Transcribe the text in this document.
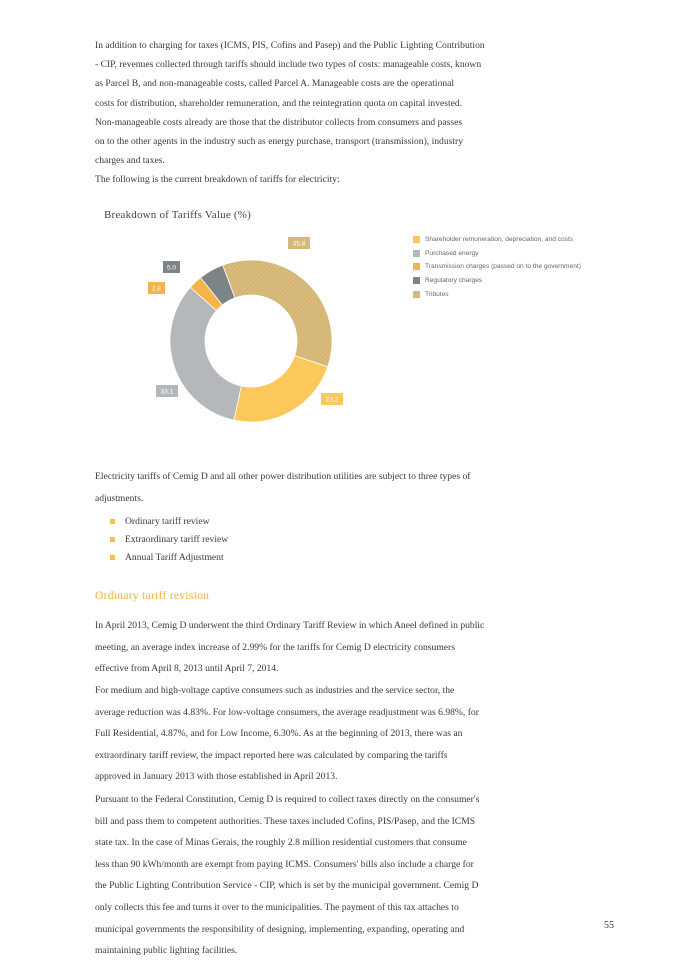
In addition to charging for taxes (ICMS, PIS, Cofins and Pasep) and the Public Lighting Contribution
- CIP, revenues collected through tariffs should include two types of costs: manageable costs, known
as Parcel B, and non-manageable costs, called Parcel A. Manageable costs are the operational
costs for distribution, shareholder remuneration, and the reintegration quota on capital invested.
Non-manageable costs already are those that the distributor collects from consumers and passes
on to the other agents in the industry such as energy purchase, transport (transmission), industry
charges and taxes.
The following is the current breakdown of tariffs for electricity:
Breakdown of Tariffs Value (%)
23.2
33.1
2.8
5.0
35.8
Shareholder remuneration, depreciation, and costs
Purchased energy
Transmission charges (passed on to the government)
Regulatory charges
Tributes
Electricity tariffs of Cemig D and all other power distribution utilities are subject to three types of
adjustments.
Ordinary tariff review
Extraordinary tariff review
Annual Tariff Adjustment
Ordinary tariff revision
In April 2013, Cemig D underwent the third Ordinary Tariff Review in which Aneel defined in public
meeting, an average index increase of 2.99% for the tariffs for Cemig D electricity consumers
effective from April 8, 2013 until April 7, 2014.
For medium and high-voltage captive consumers such as industries and the service sector, the
average reduction was 4.83%. For low-voltage consumers, the average readjustment was 6.98%, for
Full Residential, 4.87%, and for Low Income, 6.30%. As at the beginning of 2013, there was an
extraordinary tariff review, the impact reported here was calculated by comparing the tariffs
approved in January 2013 with those established in April 2013.
Pursuant to the Federal Constitution, Cemig D is required to collect taxes directly on the consumer's
bill and pass them to competent authorities. These taxes included Cofins, PIS/Pasep, and the ICMS
state tax. In the case of Minas Gerais, the roughly 2.8 million residential customers that consume
less than 90 kWh/month are exempt from paying ICMS. Consumers' bills also include a charge for
the Public Lighting Contribution Service - CIP, which is set by the municipal government. Cemig D
only collects this fee and turns it over to the municipalities. The payment of this tax attaches to
municipal governments the responsibility of designing, implementing, expanding, operating and
maintaining public lighting facilities.
55
